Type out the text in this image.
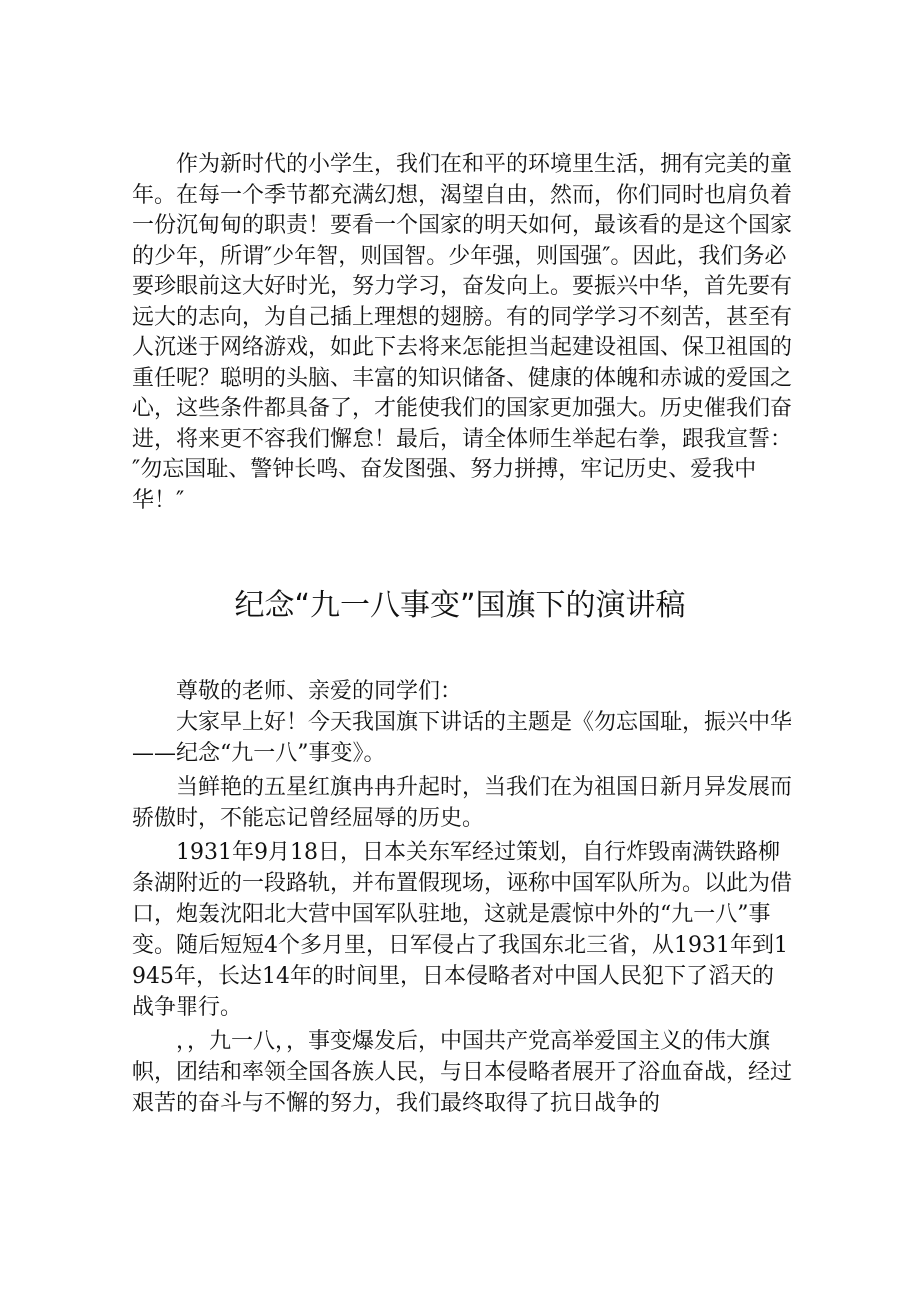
作为新时代的小学生，我们在和平的环境里生活，拥有完美的童年。在每一个季节都充满幻想，渴望自由，然而，你们同时也肩负着一份沉甸甸的职责！要看一个国家的明天如何，最该看的是这个国家的少年，所谓″少年智，则国智。少年强，则国强″。因此，我们务必要珍眼前这大好时光，努力学习，奋发向上。要振兴中华，首先要有远大的志向，为自己插上理想的翅膀。有的同学学习不刻苦，甚至有人沉迷于网络游戏，如此下去将来怎能担当起建设祖国、保卫祖国的重任呢？聪明的头脑、丰富的知识储备、健康的体魄和赤诚的爱国之心，这些条件都具备了，才能使我们的国家更加强大。历史催我们奋进，将来更不容我们懈怠！最后，请全体师生举起右拳，跟我宣誓：″勿忘国耻、警钟长鸣、奋发图强、努力拼搏，牢记历史、爱我中华！″

纪念“九一八事变”国旗下的演讲稿

尊敬的老师、亲爱的同学们：

大家早上好！今天我国旗下讲话的主题是《勿忘国耻，振兴中华——纪念“九一八”事变》。

当鲜艳的五星红旗冉冉升起时，当我们在为祖国日新月异发展而骄傲时，不能忘记曾经屈辱的历史。

1931年9月18日，日本关东军经过策划，自行炸毁南满铁路柳条湖附近的一段路轨，并布置假现场，诬称中国军队所为。以此为借口，炮轰沈阳北大营中国军队驻地，这就是震惊中外的“九一八”事变。随后短短4个多月里，日军侵占了我国东北三省，从1931年到1945年，长达14年的时间里，日本侵略者对中国人民犯下了滔天的战争罪行。

，，九一八，，事变爆发后，中国共产党高举爱国主义的伟大旗帜，团结和率领全国各族人民，与日本侵略者展开了浴血奋战，经过艰苦的奋斗与不懈的努力，我们最终取得了抗日战争的
